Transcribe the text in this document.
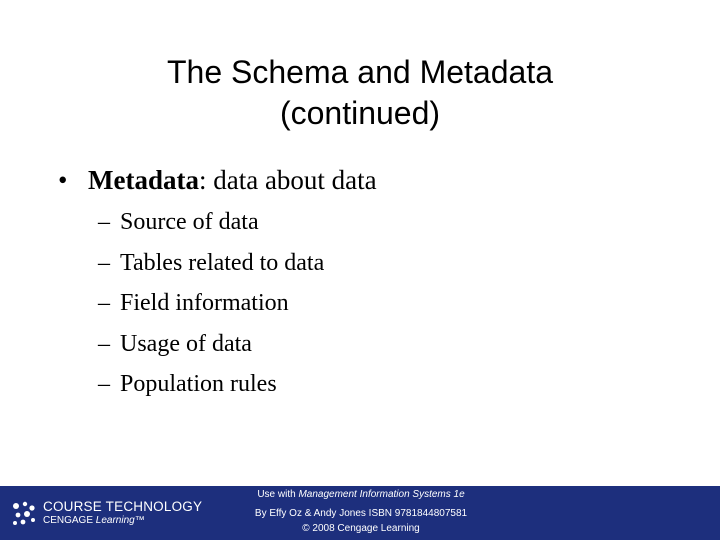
The Schema and Metadata
(continued)
• Metadata: data about data
– Source of data
– Tables related to data
– Field information
– Usage of data
– Population rules
COURSE TECHNOLOGY
CENGAGE Learning™
Use with Management Information Systems 1e
By Effy Oz & Andy Jones ISBN 9781844807581
© 2008 Cengage Learning
